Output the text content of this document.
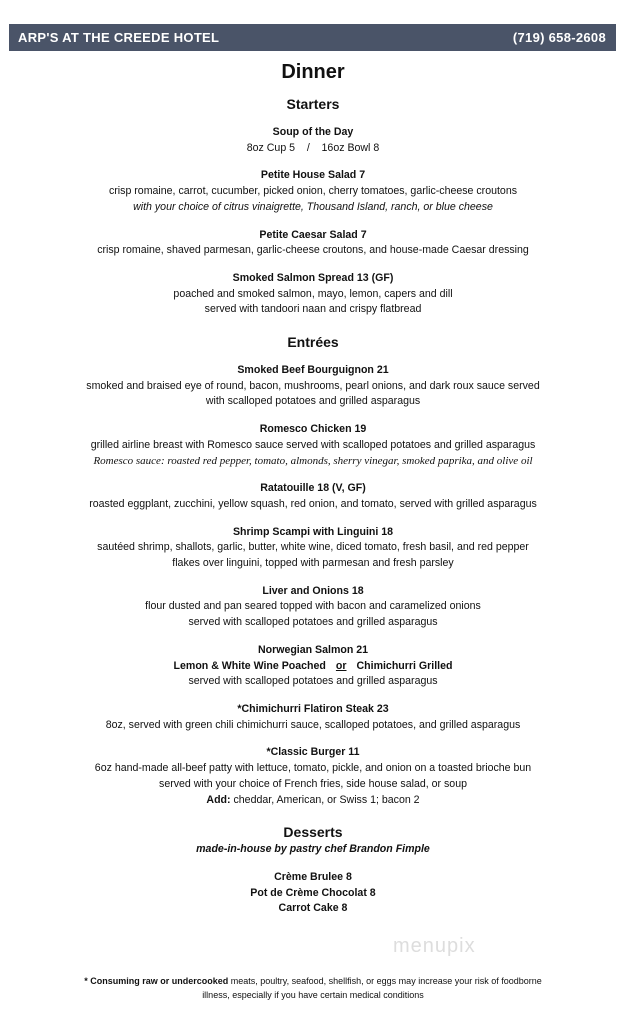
ARP'S AT THE CREEDE HOTEL	(719) 658-2608
Dinner
Starters
Soup of the Day
8oz Cup 5    /    16oz Bowl 8
Petite House Salad 7
crisp romaine, carrot, cucumber, picked onion, cherry tomatoes, garlic-cheese croutons
with your choice of citrus vinaigrette, Thousand Island, ranch, or blue cheese
Petite Caesar Salad 7
crisp romaine, shaved parmesan, garlic-cheese croutons, and house-made Caesar dressing
Smoked Salmon Spread 13 (GF)
poached and smoked salmon, mayo, lemon, capers and dill
served with tandoori naan and crispy flatbread
Entrées
Smoked Beef Bourguignon 21
smoked and braised eye of round, bacon, mushrooms, pearl onions, and dark roux sauce served
with scalloped potatoes and grilled asparagus
Romesco Chicken 19
grilled airline breast with Romesco sauce served with scalloped potatoes and grilled asparagus
Romesco sauce: roasted red pepper, tomato, almonds, sherry vinegar, smoked paprika, and olive oil
Ratatouille 18 (V, GF)
roasted eggplant, zucchini, yellow squash, red onion, and tomato, served with grilled asparagus
Shrimp Scampi with Linguini 18
sautéed shrimp, shallots, garlic, butter, white wine, diced tomato, fresh basil, and red pepper
flakes over linguini, topped with parmesan and fresh parsley
Liver and Onions 18
flour dusted and pan seared topped with bacon and caramelized onions
served with scalloped potatoes and grilled asparagus
Norwegian Salmon 21
Lemon & White Wine Poached or Chimichurri Grilled
served with scalloped potatoes and grilled asparagus
*Chimichurri Flatiron Steak 23
8oz, served with green chili chimichurri sauce, scalloped potatoes, and grilled asparagus
*Classic Burger 11
6oz hand-made all-beef patty with lettuce, tomato, pickle, and onion on a toasted brioche bun
served with your choice of French fries, side house salad, or soup
Add: cheddar, American, or Swiss 1; bacon 2
Desserts
made-in-house by pastry chef Brandon Fimple
Crème Brulee 8
Pot de Crème Chocolat 8
Carrot Cake 8
menupix
* Consuming raw or undercooked meats, poultry, seafood, shellfish, or eggs may increase your risk of foodborne
illness, especially if you have certain medical conditions
